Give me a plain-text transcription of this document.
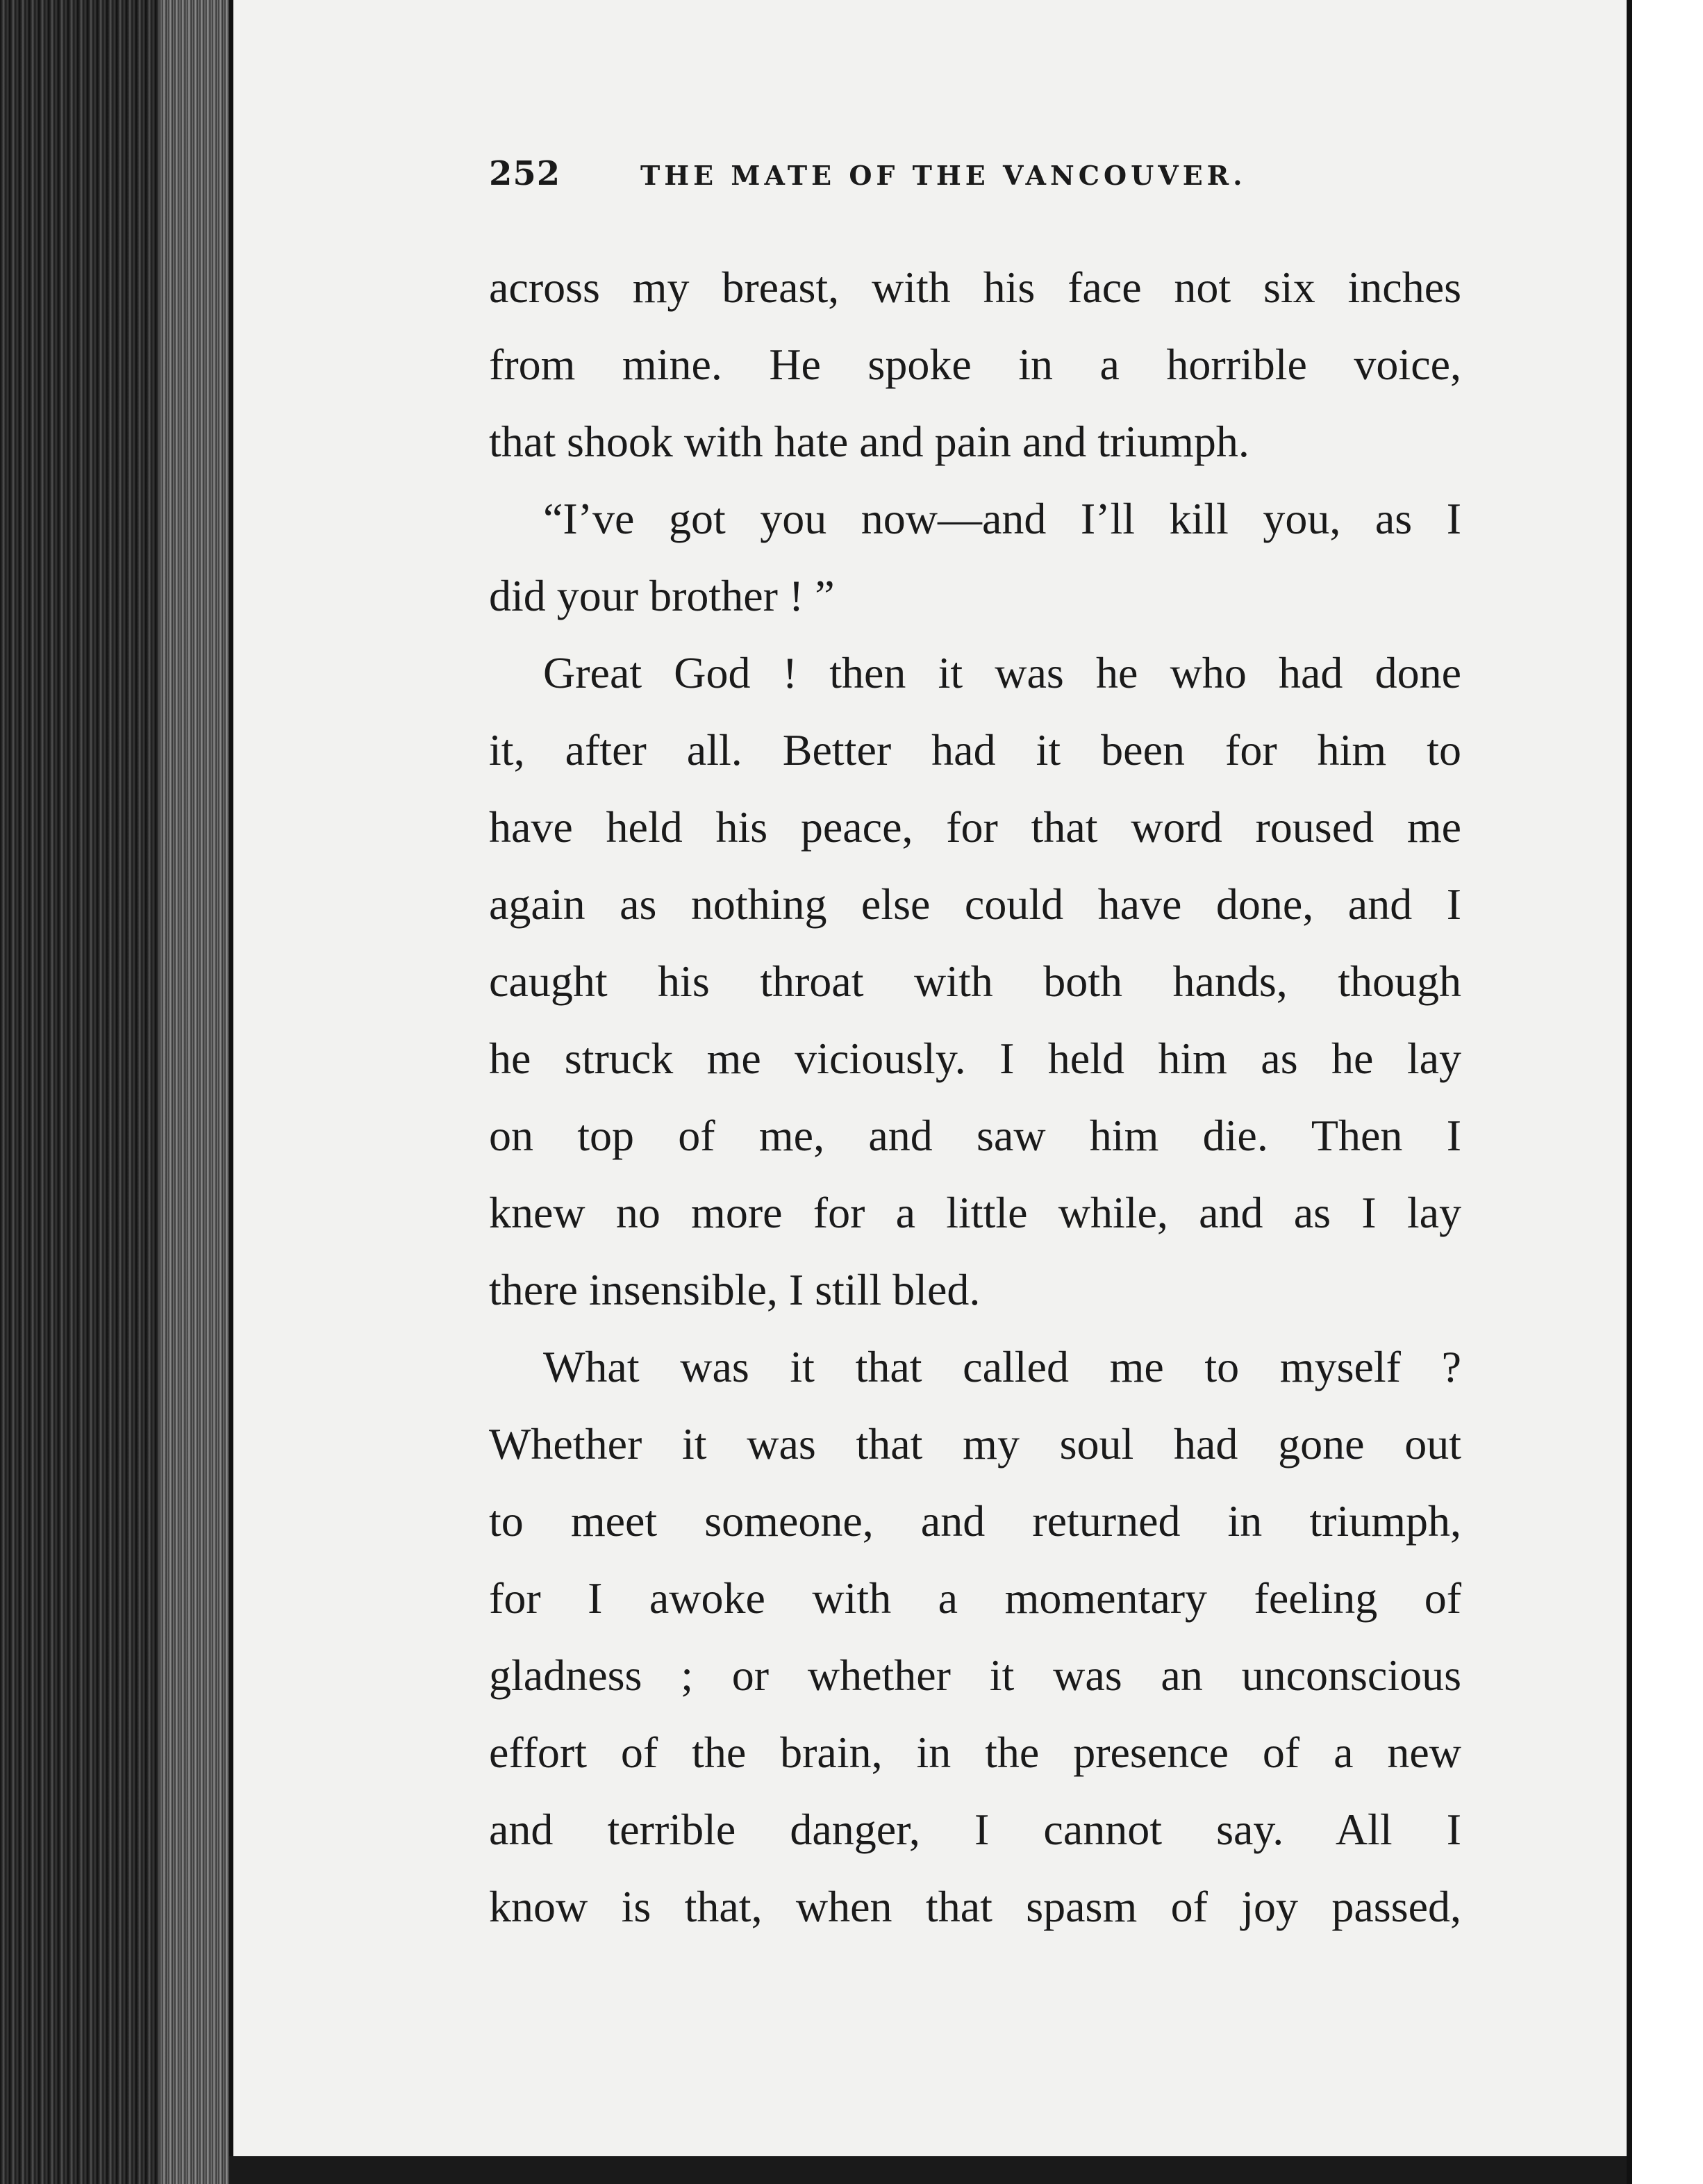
252	THE MATE OF THE VANCOUVER.
across my breast, with his face not six inches
from mine. He spoke in a horrible voice,
that shook with hate and pain and triumph.
“I’ve got you now—and I’ll kill you, as I
did your brother ! ”
Great God ! then it was he who had done
it, after all. Better had it been for him to
have held his peace, for that word roused me
again as nothing else could have done, and I
caught his throat with both hands, though
he struck me viciously. I held him as he lay
on top of me, and saw him die. Then I
knew no more for a little while, and as I lay
there insensible, I still bled.
What was it that called me to myself ?
Whether it was that my soul had gone out
to meet someone, and returned in triumph,
for I awoke with a momentary feeling of
gladness ; or whether it was an unconscious
effort of the brain, in the presence of a new
and terrible danger, I cannot say. All I
know is that, when that spasm of joy passed,
